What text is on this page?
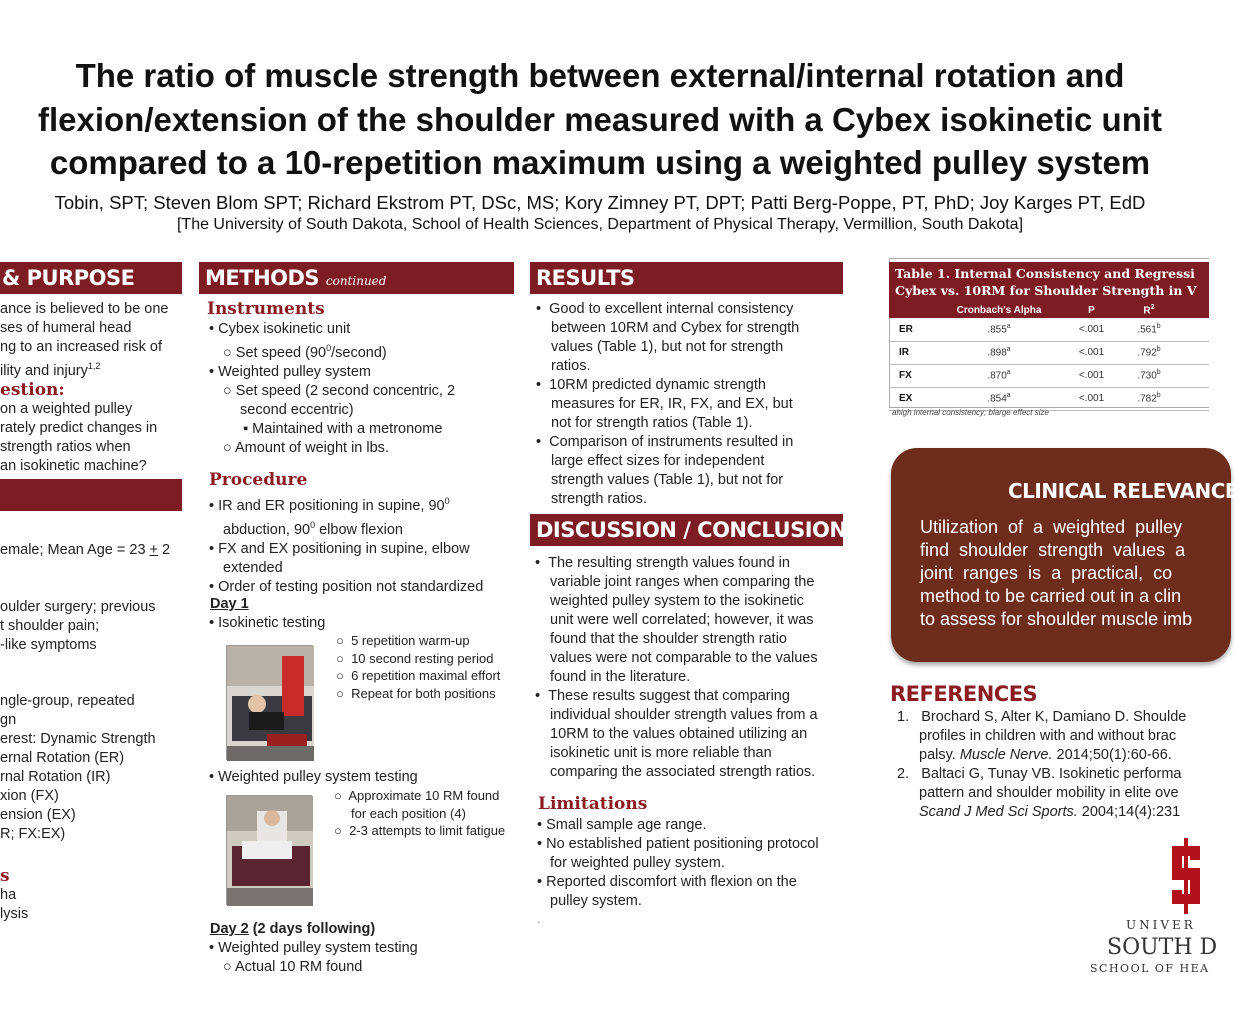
The ratio of muscle strength between external/internal rotation and
flexion/extension of the shoulder measured with a Cybex isokinetic unit
compared to a 10-repetition maximum using a weighted pulley system
Tobin, SPT; Steven Blom SPT; Richard Ekstrom PT, DSc, MS; Kory Zimney PT, DPT; Patti Berg-Poppe, PT, PhD; Joy Karges PT, EdD
[The University of South Dakota, School of Health Sciences, Department of Physical Therapy, Vermillion, South Dakota]
& PURPOSE
ance is believed to be one
ses of humeral head
ng to an increased risk of
ility and injury$^{1,2}$
estion:
on a weighted pulley
rately predict changes in
strength ratios when
an isokinetic machine?
emale; Mean Age = 23 + 2
oulder surgery; previous
t shoulder pain;
-like symptoms
ngle-group, repeated
gn
erest: Dynamic Strength
ernal Rotation (ER)
rnal Rotation (IR)
xion (FX)
ension (EX)
R; FX:EX)
s
ha
lysis
METHODS continued
Instruments
• Cybex isokinetic unit
○ Set speed $(90^0/second)$
• Weighted pulley system
○ Set speed (2 second concentric, 2
second eccentric)
▪ Maintained with a metronome
○ Amount of weight in lbs.
Procedure
• IR and ER positioning in supine, $90^0$
abduction, $90^0$ elbow flexion
• FX and EX positioning in supine, elbow
extended
• Order of testing position not standardized
Day 1
• Isokinetic testing
○  5 repetition warm-up
○  10 second resting period
○  6 repetition maximal effort
○  Repeat for both positions
• Weighted pulley system testing
○  Approximate 10 RM found
for each position (4)
○  2-3 attempts to limit fatigue
Day 2 (2 days following)
• Weighted pulley system testing
○ Actual 10 RM found
RESULTS
•  Good to excellent internal consistency
between 10RM and Cybex for strength
values (Table 1), but not for strength
ratios.
•  10RM predicted dynamic strength
measures for ER, IR, FX, and EX, but
not for strength ratios (Table 1).
•  Comparison of instruments resulted in
large effect sizes for independent
strength values (Table 1), but not for
strength ratios.
DISCUSSION / CONCLUSION
•  The resulting strength values found in
variable joint ranges when comparing the
weighted pulley system to the isokinetic
unit were well correlated; however, it was
found that the shoulder strength ratio
values were not comparable to the values
found in the literature.
•  These results suggest that comparing
individual shoulder strength values from a
10RM to the values obtained utilizing an
isokinetic unit is more reliable than
comparing the associated strength ratios.
Limitations
• Small sample age range.
• No established patient positioning protocol
for weighted pulley system.
• Reported discomfort with flexion on the
pulley system.
.
Table 1. Internal Consistency and Regressi
Cybex vs. 10RM for Shoulder Strength in V
	Cronbach's Alpha	P	$R^2$	
ER	.855$^a$	<.001	.561$^b$	
IR	.898$^a$	<.001	.792$^b$	
FX	.870$^a$	<.001	.730$^b$	
EX	.854$^a$	<.001	.782$^b$	
ahigh internal consistency; blarge effect size
CLINICAL RELEVANCE
Utilization  of  a  weighted  pulley
find  shoulder  strength  values  a
joint  ranges  is  a  practical,  co
method to be carried out in a clin
to assess for shoulder muscle imb
REFERENCES
1.   Brochard S, Alter K, Damiano D. Shoulde
profiles in children with and without brac
palsy. Muscle Nerve. 2014;50(1):60-66.
2.   Baltaci G, Tunay VB. Isokinetic performa
pattern and shoulder mobility in elite ove
Scand J Med Sci Sports. 2004;14(4):231
UNIVER
SOUTH D
SCHOOL OF HEA
